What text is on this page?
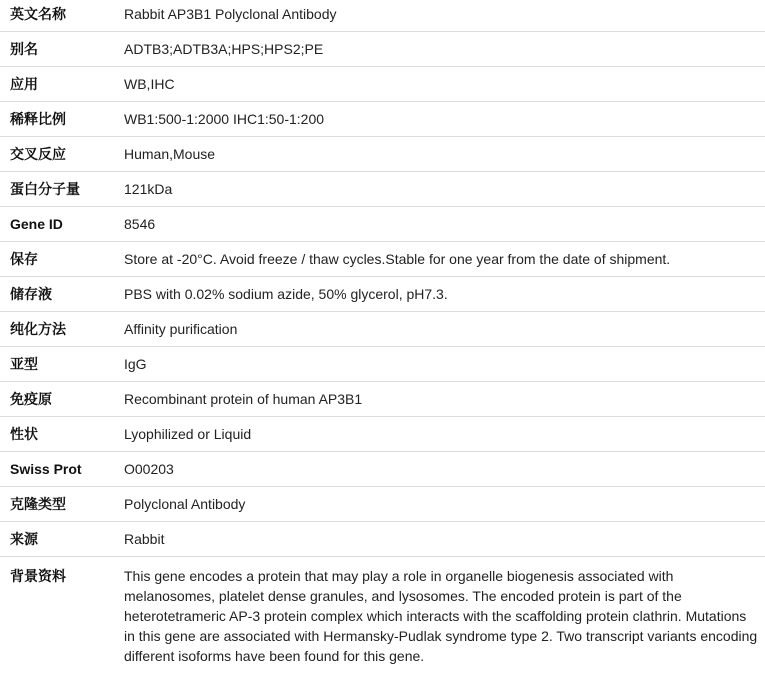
英文名称	Rabbit AP3B1 Polyclonal Antibody
别名	ADTB3;ADTB3A;HPS;HPS2;PE
应用	WB,IHC
稀释比例	WB1:500-1:2000 IHC1:50-1:200
交叉反应	Human,Mouse
蛋白分子量	121kDa
Gene ID	8546
保存	Store at -20°C. Avoid freeze / thaw cycles.Stable for one year from the date of shipment.
储存液	PBS with 0.02% sodium azide, 50% glycerol, pH7.3.
纯化方法	Affinity purification
亚型	IgG
免疫原	Recombinant protein of human AP3B1
性状	Lyophilized or Liquid
Swiss Prot	O00203
克隆类型	Polyclonal Antibody
来源	Rabbit
背景资料	This gene encodes a protein that may play a role in organelle biogenesis associated with melanosomes, platelet dense granules, and lysosomes. The encoded protein is part of the heterotetrameric AP-3 protein complex which interacts with the scaffolding protein clathrin. Mutations in this gene are associated with Hermansky-Pudlak syndrome type 2. Two transcript variants encoding different isoforms have been found for this gene.
